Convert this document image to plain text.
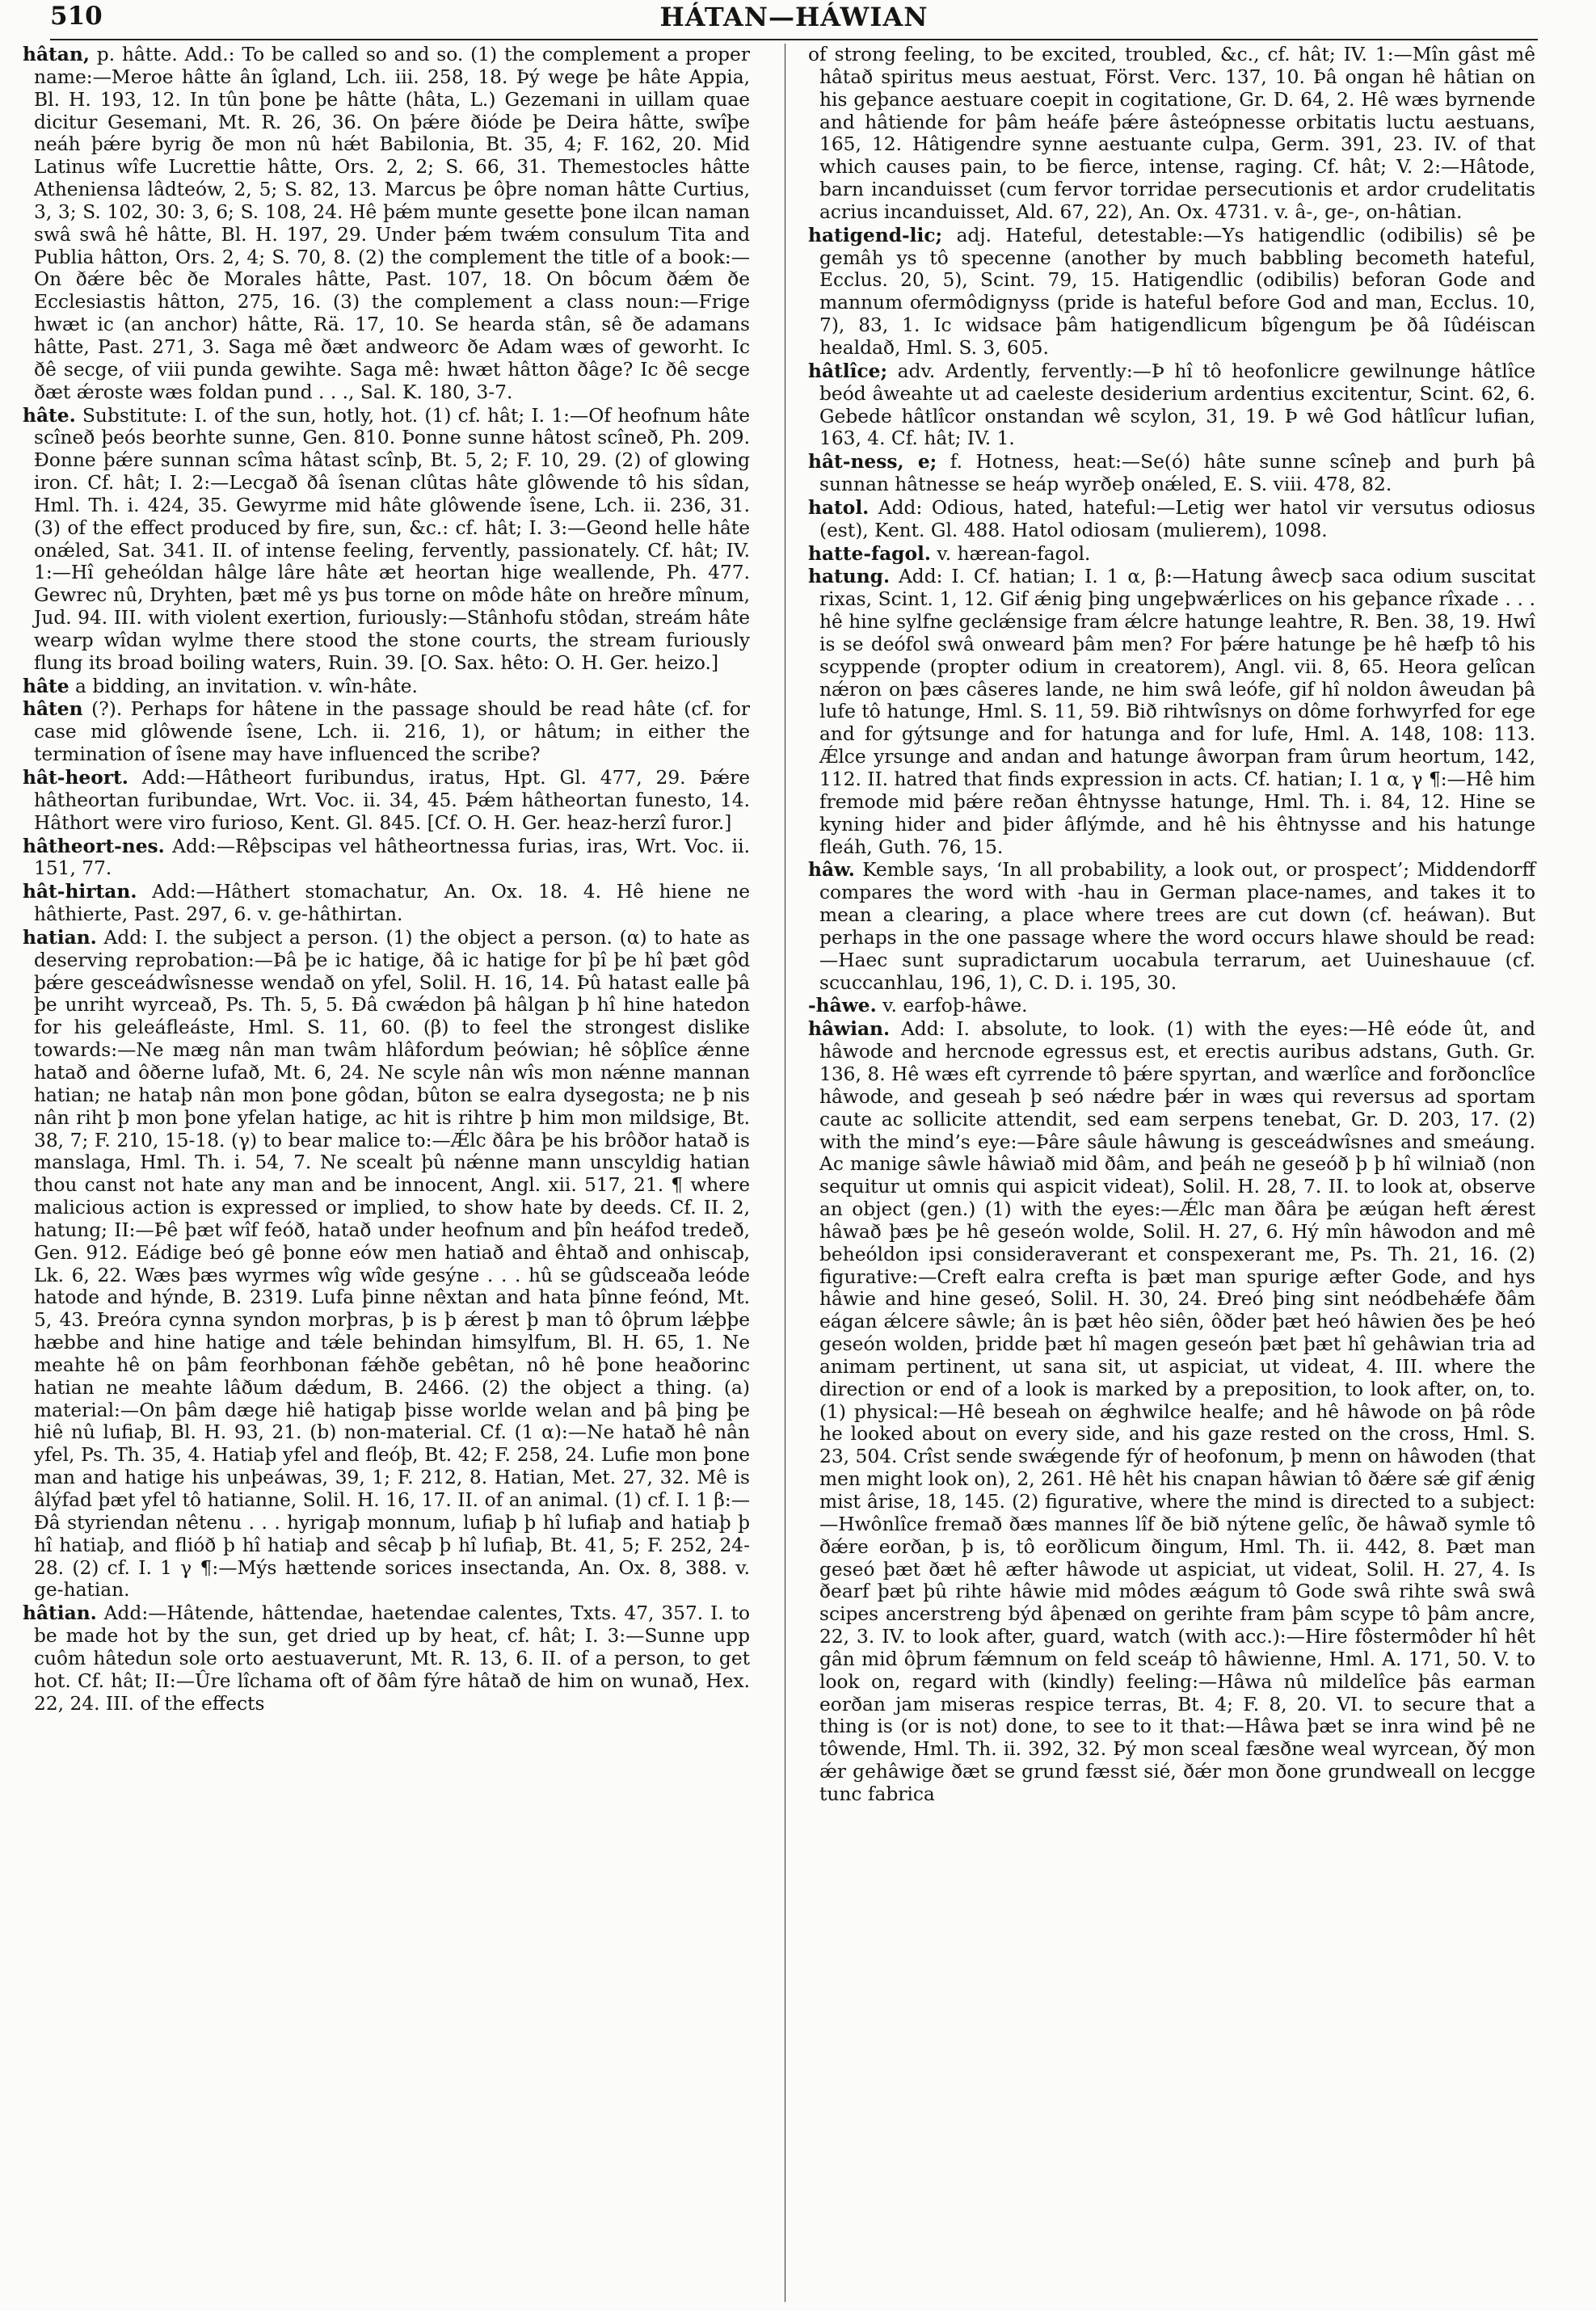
510	HÁTAN—HÁWIAN

hâtan, p. hâtte. Add.: To be called so and so. (1) the complement a proper name:—Meroe hâtte ân îgland, Lch. iii. 258, 18. Þý wege þe hâte Appia, Bl. H. 193, 12. In tûn þone þe hâtte (hâta, L.) Gezemani in uillam quae dicitur Gesemani, Mt. R. 26, 36. On þǽre ðióde þe Deira hâtte, swîþe neáh þǽre byrig ðe mon nû hǽt Babilonia, Bt. 35, 4; F. 162, 20. Mid Latinus wîfe Lucrettie hâtte, Ors. 2, 2; S. 66, 31. Themestocles hâtte Atheniensa lâdteów, 2, 5; S. 82, 13. Marcus þe ôþre noman hâtte Curtius, 3, 3; S. 102, 30: 3, 6; S. 108, 24. Hê þǽm munte gesette þone ilcan naman swâ swâ hê hâtte, Bl. H. 197, 29. Under þǽm twǽm consulum Tita and Publia hâtton, Ors. 2, 4; S. 70, 8. (2) the complement the title of a book:—On ðǽre bêc ðe Morales hâtte, Past. 107, 18. On bôcum ðǽm ðe Ecclesiastis hâtton, 275, 16. (3) the complement a class noun:—Frige hwæt ic (an anchor) hâtte, Rä. 17, 10. Se hearda stân, sê ðe adamans hâtte, Past. 271, 3. Saga mê ðæt andweorc ðe Adam wæs of geworht. Ic ðê secge, of viii punda gewihte. Saga mê: hwæt hâtton ðâge? Ic ðê secge ðæt ǽroste wæs foldan pund . . ., Sal. K. 180, 3-7.

hâte. Substitute: I. of the sun, hotly, hot. (1) cf. hât; I. 1:—Of heofnum hâte scîneð þeós beorhte sunne, Gen. 810. Þonne sunne hâtost scîneð, Ph. 209. Ðonne þǽre sunnan scîma hâtast scînþ, Bt. 5, 2; F. 10, 29. (2) of glowing iron. Cf. hât; I. 2:—Lecgað ðâ îsenan clûtas hâte glôwende tô his sîdan, Hml. Th. i. 424, 35. Gewyrme mid hâte glôwende îsene, Lch. ii. 236, 31. (3) of the effect produced by fire, sun, &c.: cf. hât; I. 3:—Geond helle hâte onǽled, Sat. 341. II. of intense feeling, fervently, passionately. Cf. hât; IV. 1:—Hî geheóldan hâlge lâre hâte æt heortan hige weallende, Ph. 477. Gewrec nû, Dryhten, þæt mê ys þus torne on môde hâte on hreðre mînum, Jud. 94. III. with violent exertion, furiously:—Stânhofu stôdan, streám hâte wearp wîdan wylme there stood the stone courts, the stream furiously flung its broad boiling waters, Ruin. 39. [O. Sax. hêto: O. H. Ger. heizo.]

hâte a bidding, an invitation. v. wîn-hâte.

hâten (?). Perhaps for hâtene in the passage should be read hâte (cf. for case mid glôwende îsene, Lch. ii. 216, 1), or hâtum; in either the termination of îsene may have influenced the scribe?

hât-heort. Add:—Hâtheort furibundus, iratus, Hpt. Gl. 477, 29. Þǽre hâtheortan furibundae, Wrt. Voc. ii. 34, 45. Þǽm hâtheortan funesto, 14. Hâthort were viro furioso, Kent. Gl. 845. [Cf. O. H. Ger. heaz-herzî furor.]

hâtheort-nes. Add:—Rêþscipas vel hâtheortnessa furias, iras, Wrt. Voc. ii. 151, 77.

hât-hirtan. Add:—Hâthert stomachatur, An. Ox. 18. 4. Hê hiene ne hâthierte, Past. 297, 6. v. ge-hâthirtan.

hatian. Add: I. the subject a person. (1) the object a person. (α) to hate as deserving reprobation:—Þâ þe ic hatige, ðâ ic hatige for þî þe hî þæt gôd þǽre gesceádwîsnesse wendað on yfel, Solil. H. 16, 14. Þû hatast ealle þâ þe unriht wyrceað, Ps. Th. 5, 5. Ðâ cwǽdon þâ hâlgan þ hî hine hatedon for his geleáfleáste, Hml. S. 11, 60. (β) to feel the strongest dislike towards:—Ne mæg nân man twâm hlâfordum þeówian; hê sôþlîce ǽnne hatað and ôðerne lufað, Mt. 6, 24. Ne scyle nân wîs mon nǽnne mannan hatian; ne hataþ nân mon þone gôdan, bûton se ealra dysegosta; ne þ nis nân riht þ mon þone yfelan hatige, ac hit is rihtre þ him mon mildsige, Bt. 38, 7; F. 210, 15-18. (γ) to bear malice to:—Ǽlc ðâra þe his brôðor hatað is manslaga, Hml. Th. i. 54, 7. Ne scealt þû nǽnne mann unscyldig hatian thou canst not hate any man and be innocent, Angl. xii. 517, 21. ¶ where malicious action is expressed or implied, to show hate by deeds. Cf. II. 2, hatung; II:—Þê þæt wîf feóð, hatað under heofnum and þîn heáfod tredeð, Gen. 912. Eádige beó gê þonne eów men hatiað and êhtað and onhiscaþ, Lk. 6, 22. Wæs þæs wyrmes wîg wîde gesýne . . . hû se gûdsceaða leóde hatode and hýnde, B. 2319. Lufa þinne nêxtan and hata þînne feónd, Mt. 5, 43. Þreóra cynna syndon morþras, þ is þ ǽrest þ man tô ôþrum lǽþþe hæbbe and hine hatige and tǽle behindan himsylfum, Bl. H. 65, 1. Ne meahte hê on þâm feorhbonan fǽhðe gebêtan, nô hê þone heaðorinc hatian ne meahte lâðum dǽdum, B. 2466. (2) the object a thing. (a) material:—On þâm dæge hiê hatigaþ þisse worlde welan and þâ þing þe hiê nû lufiaþ, Bl. H. 93, 21. (b) non-material. Cf. (1 α):—Ne hatað hê nân yfel, Ps. Th. 35, 4. Hatiaþ yfel and fleóþ, Bt. 42; F. 258, 24. Lufie mon þone man and hatige his unþeáwas, 39, 1; F. 212, 8. Hatian, Met. 27, 32. Mê is âlýfad þæt yfel tô hatianne, Solil. H. 16, 17. II. of an animal. (1) cf. I. 1 β:—Ðâ styriendan nêtenu . . . hyrigaþ monnum, lufiaþ þ hî lufiaþ and hatiaþ þ hî hatiaþ, and flióð þ hî hatiaþ and sêcaþ þ hî lufiaþ, Bt. 41, 5; F. 252, 24-28. (2) cf. I. 1 γ ¶:—Mýs hættende sorices insectanda, An. Ox. 8, 388. v. ge-hatian.

hâtian. Add:—Hâtende, hâttendae, haetendae calentes, Txts. 47, 357. I. to be made hot by the sun, get dried up by heat, cf. hât; I. 3:—Sunne upp cuôm hâtedun sole orto aestuaverunt, Mt. R. 13, 6. II. of a person, to get hot. Cf. hât; II:—Ûre lîchama oft of ðâm fýre hâtað de him on wunað, Hex. 22, 24. III. of the effects

of strong feeling, to be excited, troubled, &c., cf. hât; IV. 1:—Mîn gâst mê hâtað spiritus meus aestuat, Först. Verc. 137, 10. Þâ ongan hê hâtian on his geþance aestuare coepit in cogitatione, Gr. D. 64, 2. Hê wæs byrnende and hâtiende for þâm heáfe þǽre âsteópnesse orbitatis luctu aestuans, 165, 12. Hâtigendre synne aestuante culpa, Germ. 391, 23. IV. of that which causes pain, to be fierce, intense, raging. Cf. hât; V. 2:—Hâtode, barn incanduisset (cum fervor torridae persecutionis et ardor crudelitatis acrius incanduisset, Ald. 67, 22), An. Ox. 4731. v. â-, ge-, on-hâtian.

hatigend-lic; adj. Hateful, detestable:—Ys hatigendlic (odibilis) sê þe gemâh ys tô specenne (another by much babbling becometh hateful, Ecclus. 20, 5), Scint. 79, 15. Hatigendlic (odibilis) beforan Gode and mannum ofermôdignyss (pride is hateful before God and man, Ecclus. 10, 7), 83, 1. Ic widsace þâm hatigendlicum bîgengum þe ðâ Iûdéiscan healdað, Hml. S. 3, 605.

hâtlîce; adv. Ardently, fervently:—Þ hî tô heofonlicre gewilnunge hâtlîce beód âweahte ut ad caeleste desiderium ardentius excitentur, Scint. 62, 6. Gebede hâtlîcor onstandan wê scylon, 31, 19. Þ wê God hâtlîcur lufian, 163, 4. Cf. hât; IV. 1.

hât-ness, e; f. Hotness, heat:—Se(ó) hâte sunne scîneþ and þurh þâ sunnan hâtnesse se heáp wyrðeþ onǽled, E. S. viii. 478, 82.

hatol. Add: Odious, hated, hateful:—Letig wer hatol vir versutus odiosus (est), Kent. Gl. 488. Hatol odiosam (mulierem), 1098.

hatte-fagol. v. hærean-fagol.

hatung. Add: I. Cf. hatian; I. 1 α, β:—Hatung âwecþ saca odium suscitat rixas, Scint. 1, 12. Gif ǽnig þing ungeþwǽrlices on his geþance rîxade . . . hê hine sylfne geclǽnsige fram ǽlcre hatunge leahtre, R. Ben. 38, 19. Hwî is se deófol swâ onweard þâm men? For þǽre hatunge þe hê hæfþ tô his scyppende (propter odium in creatorem), Angl. vii. 8, 65. Heora gelîcan nǽron on þæs câseres lande, ne him swâ leófe, gif hî noldon âweudan þâ lufe tô hatunge, Hml. S. 11, 59. Bið rihtwîsnys on dôme forhwyrfed for ege and for gýtsunge and for hatunga and for lufe, Hml. A. 148, 108: 113. Ǽlce yrsunge and andan and hatunge âworpan fram ûrum heortum, 142, 112. II. hatred that finds expression in acts. Cf. hatian; I. 1 α, γ ¶:—Hê him fremode mid þǽre reðan êhtnysse hatunge, Hml. Th. i. 84, 12. Hine se kyning hider and þider âflýmde, and hê his êhtnysse and his hatunge fleáh, Guth. 76, 15.

hâw. Kemble says, ‘In all probability, a look out, or prospect’; Middendorff compares the word with -hau in German place-names, and takes it to mean a clearing, a place where trees are cut down (cf. heáwan). But perhaps in the one passage where the word occurs hlawe should be read:—Haec sunt supradictarum uocabula terrarum, aet Uuineshauue (cf. scuccanhlau, 196, 1), C. D. i. 195, 30.

-hâwe. v. earfoþ-hâwe.

hâwian. Add: I. absolute, to look. (1) with the eyes:—Hê eóde ût, and hâwode and hercnode egressus est, et erectis auribus adstans, Guth. Gr. 136, 8. Hê wæs eft cyrrende tô þǽre spyrtan, and wærlîce and forðonclîce hâwode, and geseah þ seó nǽdre þǽr in wæs qui reversus ad sportam caute ac sollicite attendit, sed eam serpens tenebat, Gr. D. 203, 17. (2) with the mind’s eye:—Þâre sâule hâwung is gesceádwîsnes and smeáung. Ac manige sâwle hâwiað mid ðâm, and þeáh ne geseóð þ þ hî wilniað (non sequitur ut omnis qui aspicit videat), Solil. H. 28, 7. II. to look at, observe an object (gen.) (1) with the eyes:—Ǽlc man ðâra þe æúgan heft ǽrest hâwað þæs þe hê geseón wolde, Solil. H. 27, 6. Hý mîn hâwodon and mê beheóldon ipsi consideraverant et conspexerant me, Ps. Th. 21, 16. (2) figurative:—Creft ealra crefta is þæt man spurige æfter Gode, and hys hâwie and hine geseó, Solil. H. 30, 24. Ðreó þing sint neódbehǽfe ðâm eágan ǽlcere sâwle; ân is þæt hêo siên, ôðder þæt heó hâwien ðes þe heó geseón wolden, þridde þæt hî magen geseón þæt þæt hî gehâwian tria ad animam pertinent, ut sana sit, ut aspiciat, ut videat, 4. III. where the direction or end of a look is marked by a preposition, to look after, on, to. (1) physical:—Hê beseah on ǽghwilce healfe; and hê hâwode on þâ rôde he looked about on every side, and his gaze rested on the cross, Hml. S. 23, 504. Crîst sende swǽgende fýr of heofonum, þ menn on hâwoden (that men might look on), 2, 261. Hê hêt his cnapan hâwian tô ðǽre sǽ gif ǽnig mist ârise, 18, 145. (2) figurative, where the mind is directed to a subject:—Hwônlîce fremað ðæs mannes lîf ðe bið nýtene gelîc, ðe hâwað symle tô ðǽre eorðan, þ is, tô eorðlicum ðingum, Hml. Th. ii. 442, 8. Þæt man geseó þæt ðæt hê æfter hâwode ut aspiciat, ut videat, Solil. H. 27, 4. Is ðearf þæt þû rihte hâwie mid môdes æágum tô Gode swâ rihte swâ swâ scipes ancerstreng býd âþenæd on gerihte fram þâm scype tô þâm ancre, 22, 3. IV. to look after, guard, watch (with acc.):—Hire fôstermôder hî hêt gân mid ôþrum fǽmnum on feld sceáp tô hâwienne, Hml. A. 171, 50. V. to look on, regard with (kindly) feeling:—Hâwa nû mildelîce þâs earman eorðan jam miseras respice terras, Bt. 4; F. 8, 20. VI. to secure that a thing is (or is not) done, to see to it that:—Hâwa þæt se inra wind þê ne tôwende, Hml. Th. ii. 392, 32. Þý mon sceal fæsðne weal wyrcean, ðý mon ǽr gehâwige ðæt se grund fæsst sié, ðǽr mon ðone grundweall on lecgge tunc fabrica
